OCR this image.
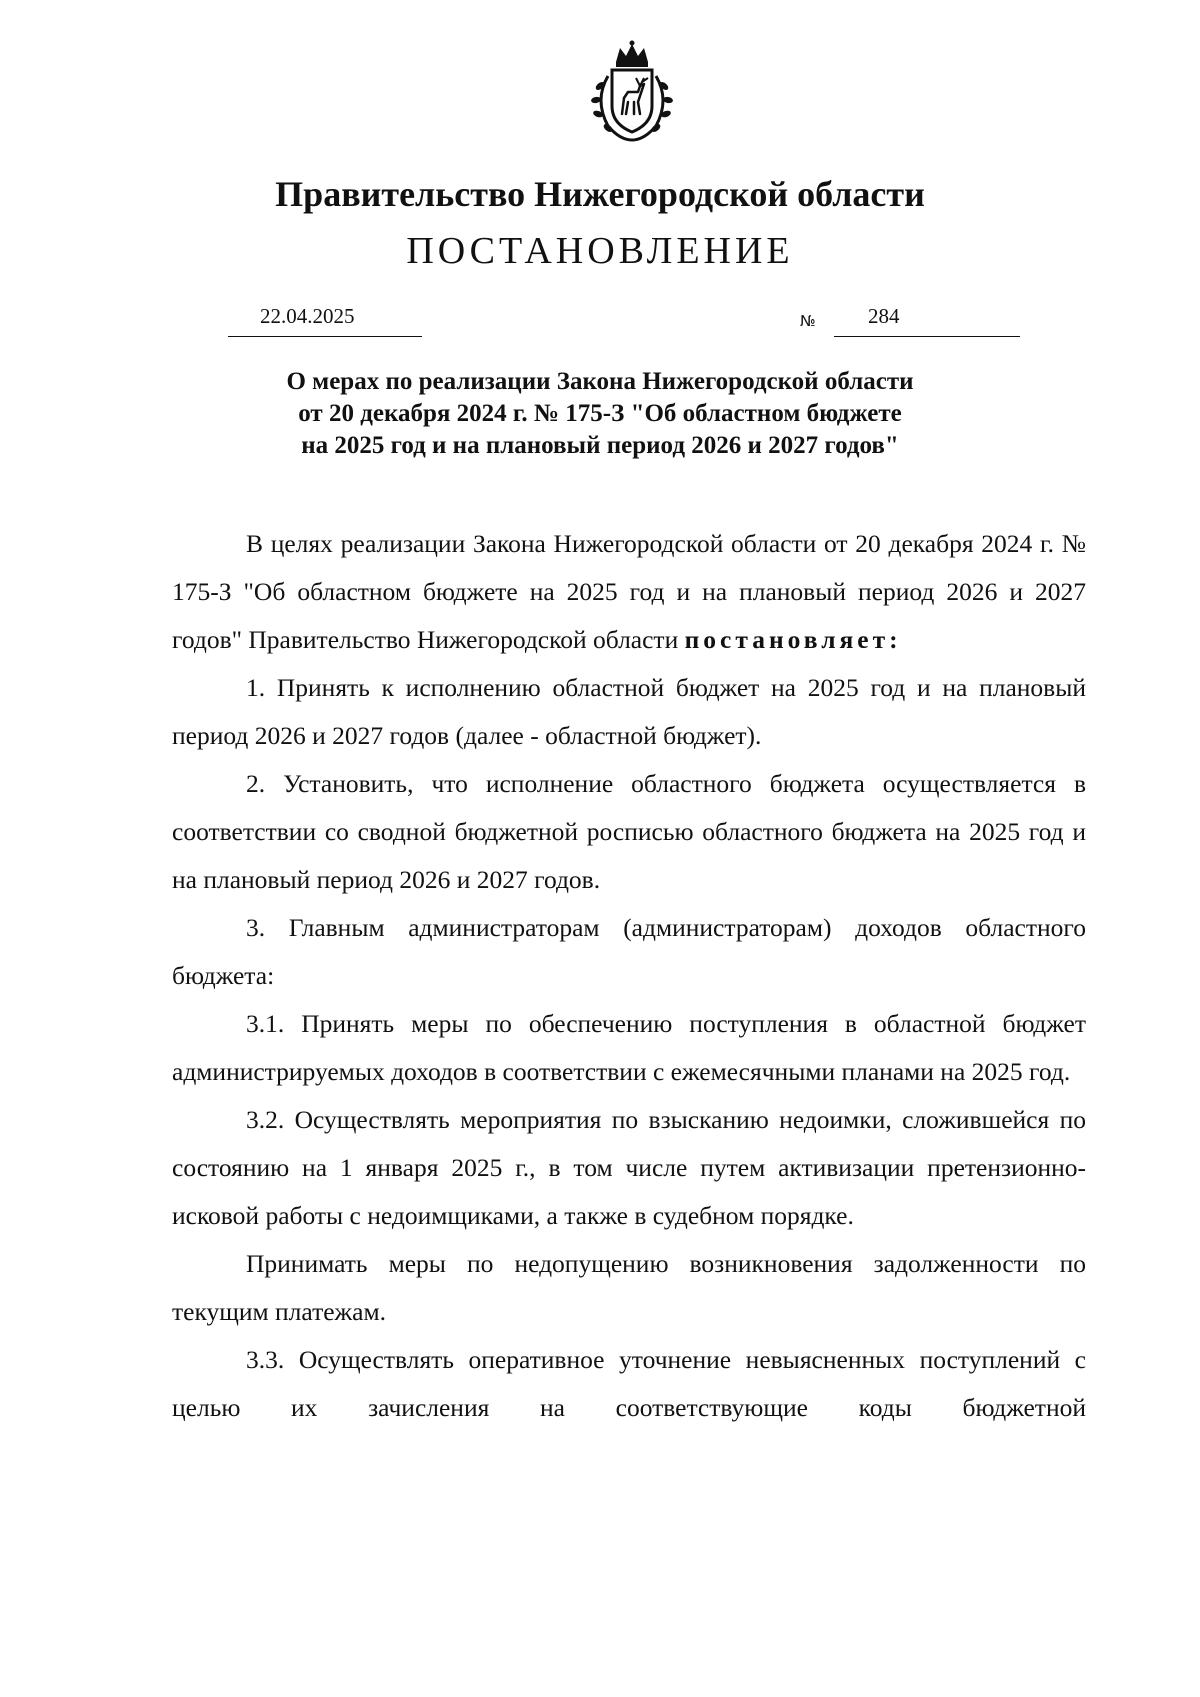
Правительство Нижегородской области
ПОСТАНОВЛЕНИЕ
22.04.2025	№ 284
О мерах по реализации Закона Нижегородской области
от 20 декабря 2024 г. № 175-З "Об областном бюджете
на 2025 год и на плановый период 2026 и 2027 годов"

В целях реализации Закона Нижегородской области от 20 декабря 2024 г. № 175-З "Об областном бюджете на 2025 год и на плановый период 2026 и 2027 годов" Правительство Нижегородской области постановляет:

1. Принять к исполнению областной бюджет на 2025 год и на плановый период 2026 и 2027 годов (далее - областной бюджет).

2. Установить, что исполнение областного бюджета осуществляется в соответствии со сводной бюджетной росписью областного бюджета на 2025 год и на плановый период 2026 и 2027 годов.

3. Главным администраторам (администраторам) доходов областного бюджета:

3.1. Принять меры по обеспечению поступления в областной бюджет администрируемых доходов в соответствии с ежемесячными планами на 2025 год.

3.2. Осуществлять мероприятия по взысканию недоимки, сложившейся по состоянию на 1 января 2025 г., в том числе путем активизации претензионно-исковой работы с недоимщиками, а также в судебном порядке.

Принимать меры по недопущению возникновения задолженности по текущим платежам.

3.3. Осуществлять оперативное уточнение невыясненных поступлений с целью их зачисления на соответствующие коды бюджетной
